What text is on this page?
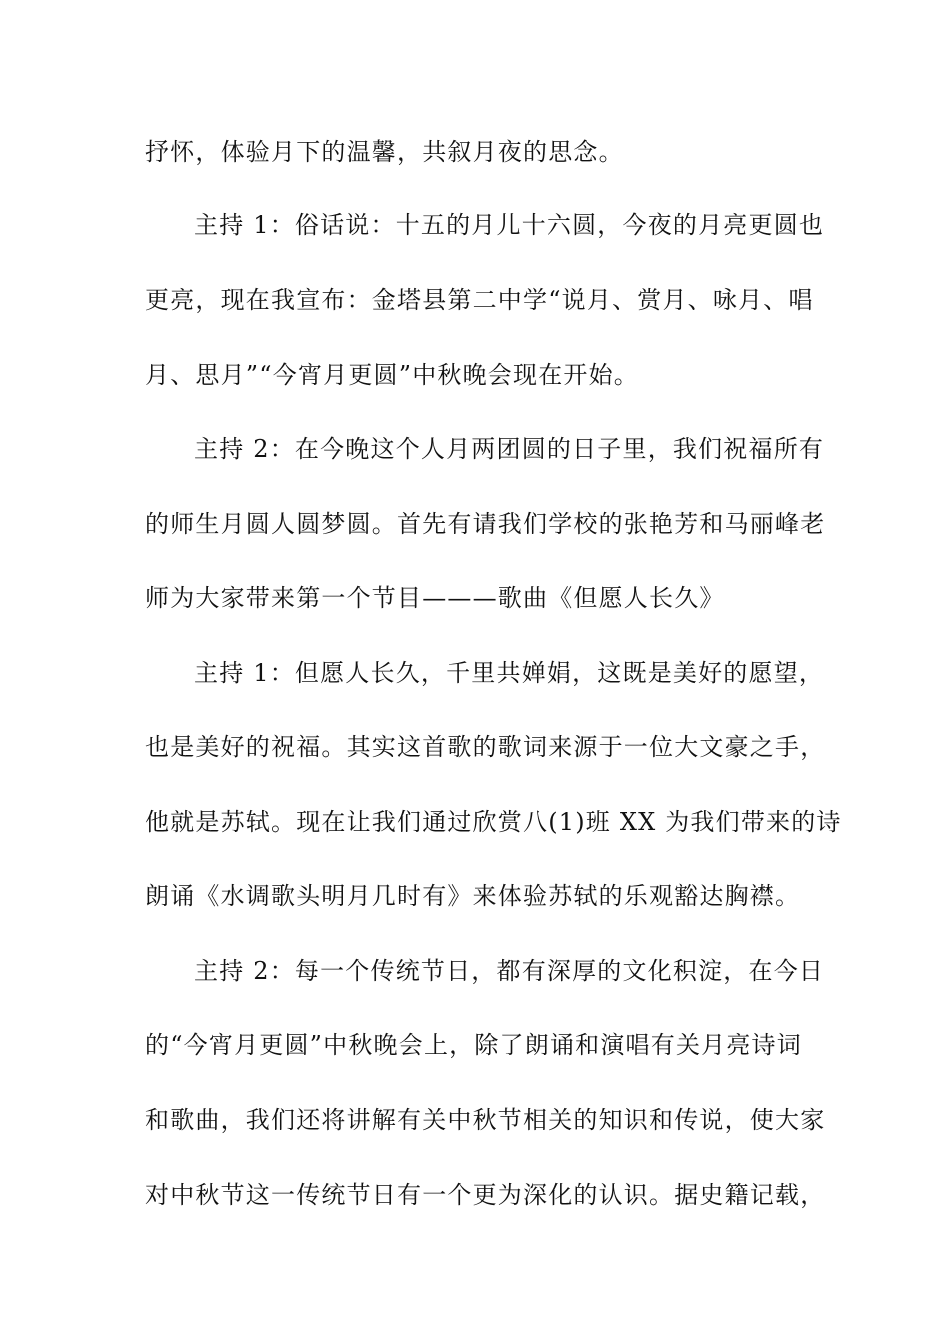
抒怀，体验月下的温馨，共叙月夜的思念。
主持 1：俗话说：十五的月儿十六圆，今夜的月亮更圆也
更亮，现在我宣布：金塔县第二中学“说月、赏月、咏月、唱
月、思月”“今宵月更圆”中秋晚会现在开始。
主持 2：在今晚这个人月两团圆的日子里，我们祝福所有
的师生月圆人圆梦圆。首先有请我们学校的张艳芳和马丽峰老
师为大家带来第一个节目———歌曲《但愿人长久》
主持 1：但愿人长久，千里共婵娟，这既是美好的愿望，
也是美好的祝福。其实这首歌的歌词来源于一位大文豪之手，
他就是苏轼。现在让我们通过欣赏八(1)班 XX 为我们带来的诗
朗诵《水调歌头明月几时有》来体验苏轼的乐观豁达胸襟。
主持 2：每一个传统节日，都有深厚的文化积淀，在今日
的“今宵月更圆”中秋晚会上，除了朗诵和演唱有关月亮诗词
和歌曲，我们还将讲解有关中秋节相关的知识和传说，使大家
对中秋节这一传统节日有一个更为深化的认识。据史籍记载，
